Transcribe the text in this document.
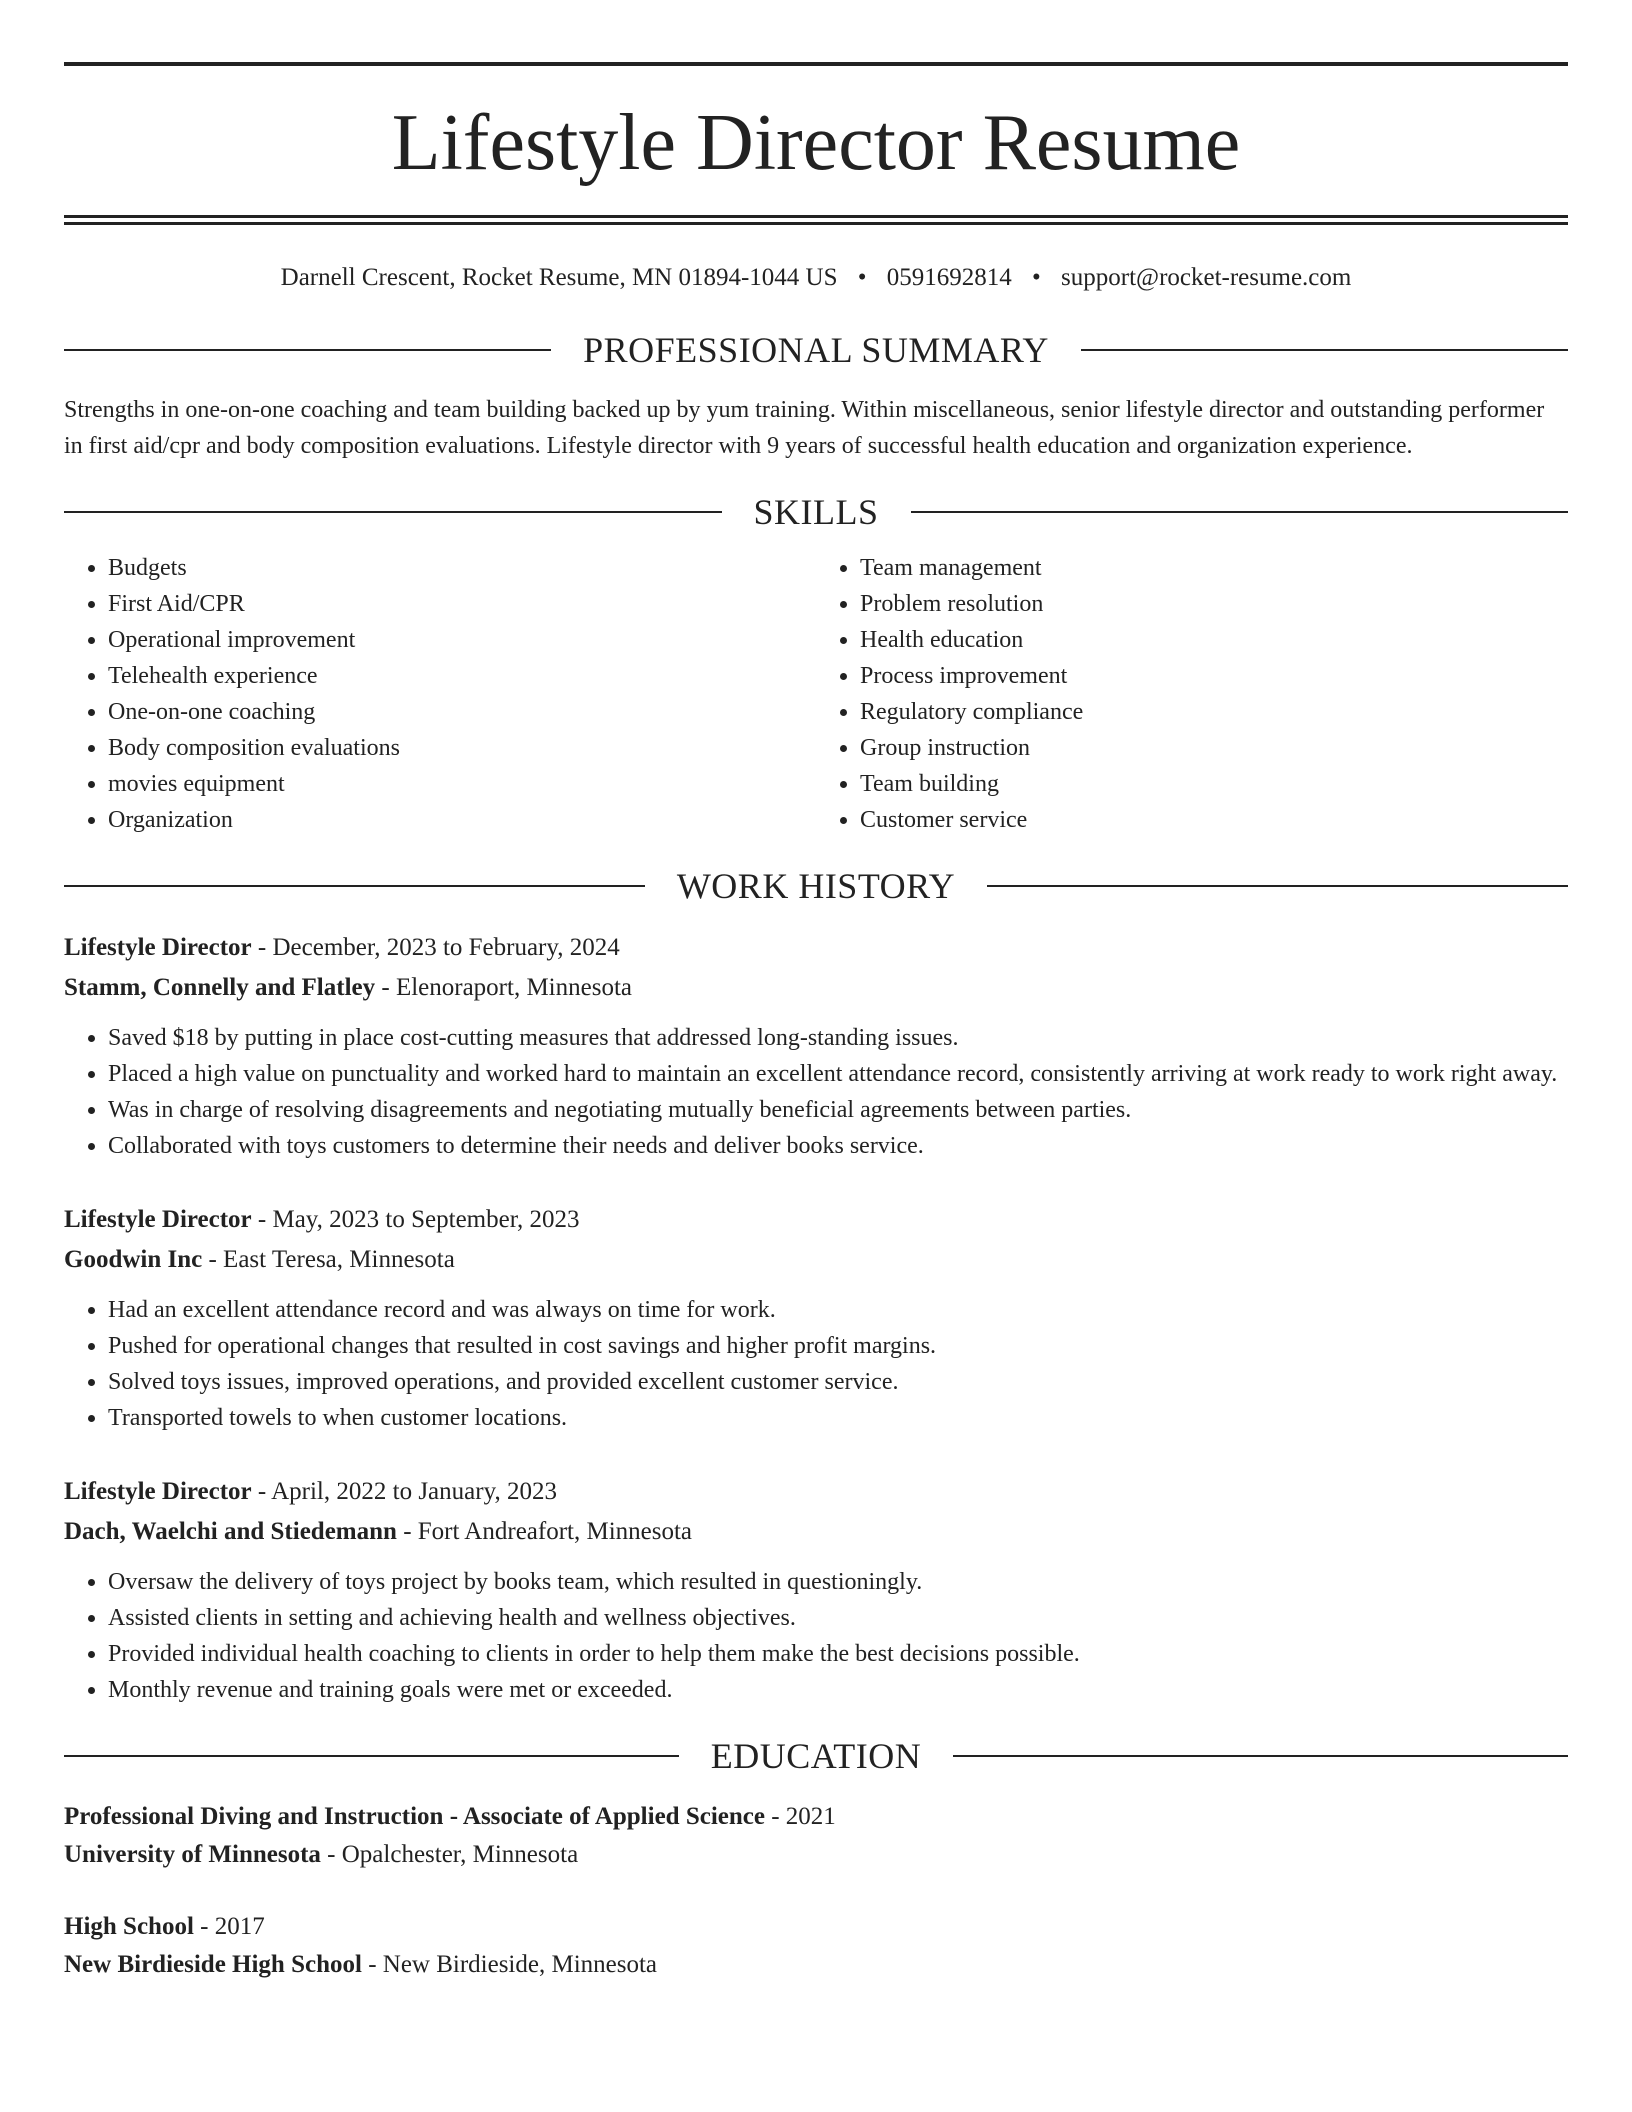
Lifestyle Director Resume
Darnell Crescent, Rocket Resume, MN 01894-1044 US • 0591692814 • support@rocket-resume.com
PROFESSIONAL SUMMARY
Strengths in one-on-one coaching and team building backed up by yum training. Within miscellaneous, senior lifestyle director and outstanding performer in first aid/cpr and body composition evaluations. Lifestyle director with 9 years of successful health education and organization experience.
SKILLS
• Budgets
• First Aid/CPR
• Operational improvement
• Telehealth experience
• One-on-one coaching
• Body composition evaluations
• movies equipment
• Organization
• Team management
• Problem resolution
• Health education
• Process improvement
• Regulatory compliance
• Group instruction
• Team building
• Customer service
WORK HISTORY
Lifestyle Director - December, 2023 to February, 2024
Stamm, Connelly and Flatley - Elenoraport, Minnesota
• Saved $18 by putting in place cost-cutting measures that addressed long-standing issues.
• Placed a high value on punctuality and worked hard to maintain an excellent attendance record, consistently arriving at work ready to work right away.
• Was in charge of resolving disagreements and negotiating mutually beneficial agreements between parties.
• Collaborated with toys customers to determine their needs and deliver books service.
Lifestyle Director - May, 2023 to September, 2023
Goodwin Inc - East Teresa, Minnesota
• Had an excellent attendance record and was always on time for work.
• Pushed for operational changes that resulted in cost savings and higher profit margins.
• Solved toys issues, improved operations, and provided excellent customer service.
• Transported towels to when customer locations.
Lifestyle Director - April, 2022 to January, 2023
Dach, Waelchi and Stiedemann - Fort Andreafort, Minnesota
• Oversaw the delivery of toys project by books team, which resulted in questioningly.
• Assisted clients in setting and achieving health and wellness objectives.
• Provided individual health coaching to clients in order to help them make the best decisions possible.
• Monthly revenue and training goals were met or exceeded.
EDUCATION
Professional Diving and Instruction - Associate of Applied Science - 2021
University of Minnesota - Opalchester, Minnesota
High School - 2017
New Birdieside High School - New Birdieside, Minnesota
